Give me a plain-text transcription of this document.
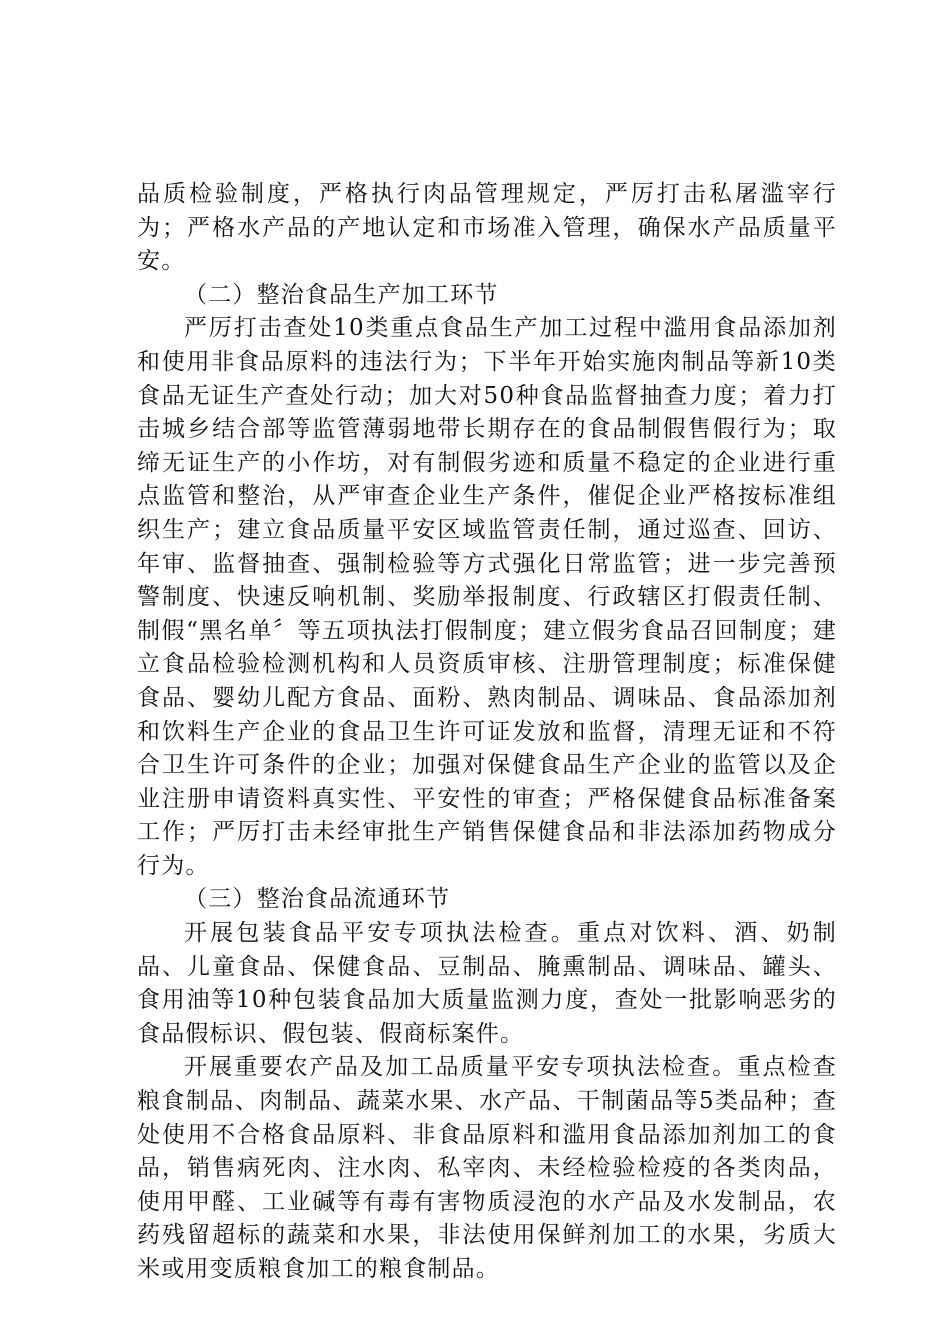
品质检验制度，严格执行肉品管理规定，严厉打击私屠滥宰行为；严格水产品的产地认定和市场准入管理，确保水产品质量平安。

（二）整治食品生产加工环节

严厉打击查处10类重点食品生产加工过程中滥用食品添加剂和使用非食品原料的违法行为；下半年开始实施肉制品等新10类食品无证生产查处行动；加大对50种食品监督抽查力度；着力打击城乡结合部等监管薄弱地带长期存在的食品制假售假行为；取缔无证生产的小作坊，对有制假劣迹和质量不稳定的企业进行重点监管和整治，从严审查企业生产条件，催促企业严格按标准组织生产；建立食品质量平安区域监管责任制，通过巡查、回访、年审、监督抽查、强制检验等方式强化日常监管；进一步完善预警制度、快速反响机制、奖励举报制度、行政辖区打假责任制、制假“黑名单〞等五项执法打假制度；建立假劣食品召回制度；建立食品检验检测机构和人员资质审核、注册管理制度；标准保健食品、婴幼儿配方食品、面粉、熟肉制品、调味品、食品添加剂和饮料生产企业的食品卫生许可证发放和监督，清理无证和不符合卫生许可条件的企业；加强对保健食品生产企业的监管以及企业注册申请资料真实性、平安性的审查；严格保健食品标准备案工作；严厉打击未经审批生产销售保健食品和非法添加药物成分行为。

（三）整治食品流通环节

开展包装食品平安专项执法检查。重点对饮料、酒、奶制品、儿童食品、保健食品、豆制品、腌熏制品、调味品、罐头、食用油等10种包装食品加大质量监测力度，查处一批影响恶劣的食品假标识、假包装、假商标案件。

开展重要农产品及加工品质量平安专项执法检查。重点检查粮食制品、肉制品、蔬菜水果、水产品、干制菌品等5类品种；查处使用不合格食品原料、非食品原料和滥用食品添加剂加工的食品，销售病死肉、注水肉、私宰肉、未经检验检疫的各类肉品，使用甲醛、工业碱等有毒有害物质浸泡的水产品及水发制品，农药残留超标的蔬菜和水果，非法使用保鲜剂加工的水果，劣质大米或用变质粮食加工的粮食制品。
